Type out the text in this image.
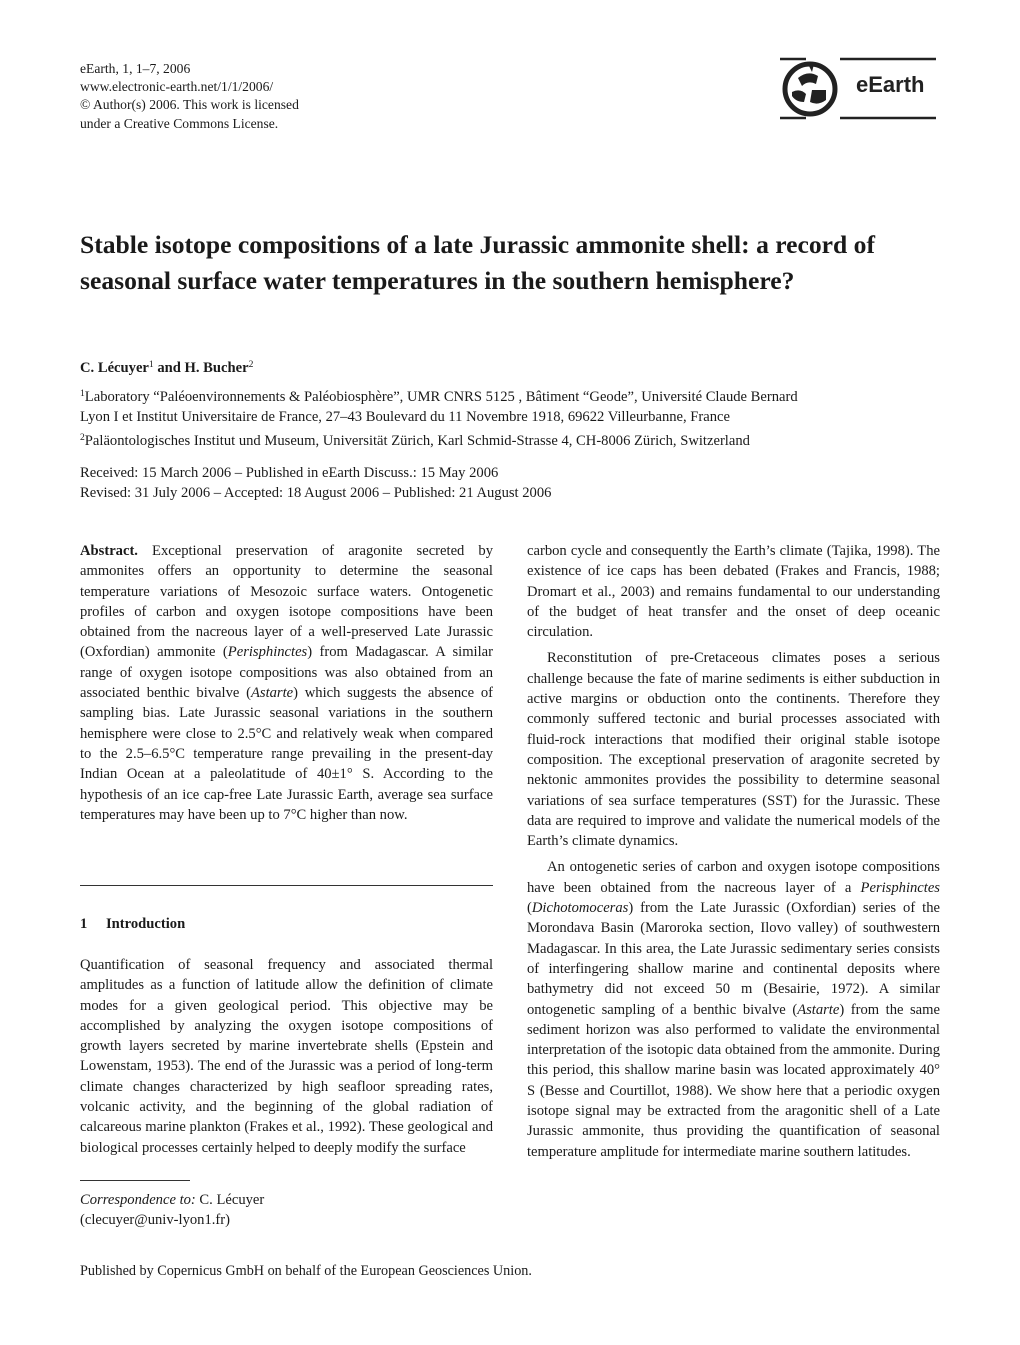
eEarth, 1, 1–7, 2006
www.electronic-earth.net/1/1/2006/
© Author(s) 2006. This work is licensed
under a Creative Commons License.
eEarth
Stable isotope compositions of a late Jurassic ammonite shell: a record of seasonal surface water temperatures in the southern hemisphere?
C. Lécuyer$^1$ and H. Bucher$^2$
$^1$Laboratory “Paléoenvironnements & Paléobiosphère”, UMR CNRS 5125 , Bâtiment “Geode”, Université Claude Bernard
Lyon I et Institut Universitaire de France, 27–43 Boulevard du 11 Novembre 1918, 69622 Villeurbanne, France
$^2$Paläontologisches Institut und Museum, Universität Zürich, Karl Schmid-Strasse 4, CH-8006 Zürich, Switzerland
Received: 15 March 2006 – Published in eEarth Discuss.: 15 May 2006
Revised: 31 July 2006 – Accepted: 18 August 2006 – Published: 21 August 2006

Abstract. Exceptional preservation of aragonite secreted by ammonites offers an opportunity to determine the seasonal temperature variations of Mesozoic surface waters. Ontogenetic profiles of carbon and oxygen isotope compositions have been obtained from the nacreous layer of a well-preserved Late Jurassic (Oxfordian) ammonite (Perisphinctes) from Madagascar. A similar range of oxygen isotope compositions was also obtained from an associated benthic bivalve (Astarte) which suggests the absence of sampling bias. Late Jurassic seasonal variations in the southern hemisphere were close to 2.5°C and relatively weak when compared to the 2.5–6.5°C temperature range prevailing in the present-day Indian Ocean at a paleolatitude of 40±1° S. According to the hypothesis of an ice cap-free Late Jurassic Earth, average sea surface temperatures may have been up to 7°C higher than now.

1 Introduction

Quantification of seasonal frequency and associated thermal amplitudes as a function of latitude allow the definition of climate modes for a given geological period. This objective may be accomplished by analyzing the oxygen isotope compositions of growth layers secreted by marine invertebrate shells (Epstein and Lowenstam, 1953). The end of the Jurassic was a period of long-term climate changes characterized by high seafloor spreading rates, volcanic activity, and the beginning of the global radiation of calcareous marine plankton (Frakes et al., 1992). These geological and biological processes certainly helped to deeply modify the surface

Correspondence to: C. Lécuyer
(clecuyer@univ-lyon1.fr)

carbon cycle and consequently the Earth’s climate (Tajika, 1998). The existence of ice caps has been debated (Frakes and Francis, 1988; Dromart et al., 2003) and remains fundamental to our understanding of the budget of heat transfer and the onset of deep oceanic circulation.

Reconstitution of pre-Cretaceous climates poses a serious challenge because the fate of marine sediments is either subduction in active margins or obduction onto the continents. Therefore they commonly suffered tectonic and burial processes associated with fluid-rock interactions that modified their original stable isotope composition. The exceptional preservation of aragonite secreted by nektonic ammonites provides the possibility to determine seasonal variations of sea surface temperatures (SST) for the Jurassic. These data are required to improve and validate the numerical models of the Earth’s climate dynamics.

An ontogenetic series of carbon and oxygen isotope compositions have been obtained from the nacreous layer of a Perisphinctes (Dichotomoceras) from the Late Jurassic (Oxfordian) series of the Morondava Basin (Maroroka section, Ilovo valley) of southwestern Madagascar. In this area, the Late Jurassic sedimentary series consists of interfingering shallow marine and continental deposits where bathymetry did not exceed 50 m (Besairie, 1972). A similar ontogenetic sampling of a benthic bivalve (Astarte) from the same sediment horizon was also performed to validate the environmental interpretation of the isotopic data obtained from the ammonite. During this period, this shallow marine basin was located approximately 40° S (Besse and Courtillot, 1988). We show here that a periodic oxygen isotope signal may be extracted from the aragonitic shell of a Late Jurassic ammonite, thus providing the quantification of seasonal temperature amplitude for intermediate marine southern latitudes.

Published by Copernicus GmbH on behalf of the European Geosciences Union.
